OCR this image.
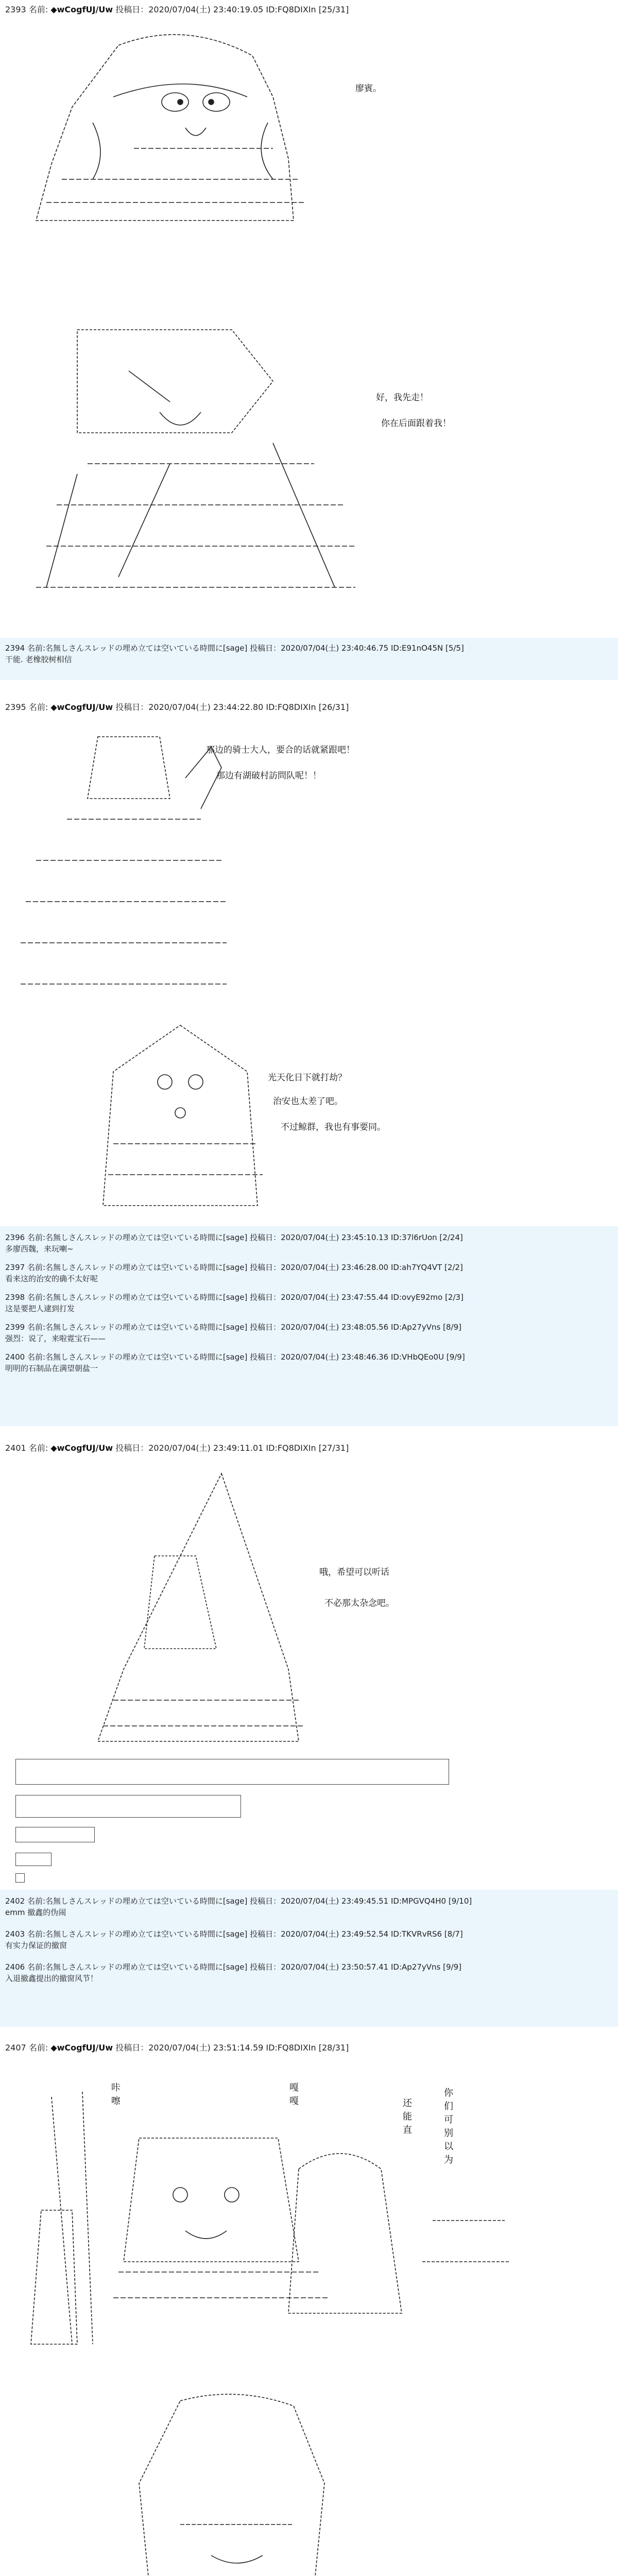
2393 名前: ◆wCogfUJ/Uw 投稿日：2020/07/04(土) 23:40:19.05 ID:FQ8DIXIn [25/31]
廖賓。
好，我先走！
你在后面跟着我！
2394 名前:名無しさんスレッドの埋め立ては空いている時間に[sage] 投稿日：2020/07/04(土) 23:40:46.75 ID:E91nO45N [5/5]
干能. 老橡胶树相信
2395 名前: ◆wCogfUJ/Uw 投稿日：2020/07/04(土) 23:44:22.80 ID:FQ8DIXIn [26/31]
那边的骑士大人，要合的话就紧跟吧！
那边有湖破村訪問队呢！！
光天化日下就打劫？
治安也太差了吧。
不过鲸群，我也有事要同。
2396 名前:名無しさんスレッドの埋め立ては空いている時間に[sage] 投稿日：2020/07/04(土) 23:45:10.13 ID:37l6rUon [2/24]
多廖西魏，来玩喇~
2397 名前:名無しさんスレッドの埋め立ては空いている時間に[sage] 投稿日：2020/07/04(土) 23:46:28.00 ID:ah7YQ4VT [2/2]
看来这的治安的确不太好呢
2398 名前:名無しさんスレッドの埋め立ては空いている時間に[sage] 投稿日：2020/07/04(土) 23:47:55.44 ID:ovyE92mo [2/3]
这是要把人逮到打发
2399 名前:名無しさんスレッドの埋め立ては空いている時間に[sage] 投稿日：2020/07/04(土) 23:48:05.56 ID:Ap27yVns [8/9]
强烈：说了，来啦霓宝石——
2400 名前:名無しさんスレッドの埋め立ては空いている時間に[sage] 投稿日：2020/07/04(土) 23:48:46.36 ID:VHbQEo0U [9/9]
明明的石制品在满望朝盐一
2401 名前: ◆wCogfUJ/Uw 投稿日：2020/07/04(土) 23:49:11.01 ID:FQ8DIXIn [27/31]
哦，希望可以听话
不必那太杂念吧。
2402 名前:名無しさんスレッドの埋め立ては空いている時間に[sage] 投稿日：2020/07/04(土) 23:49:45.51 ID:MPGVQ4H0 [9/10]
emm 撤鑫的伪闹
2403 名前:名無しさんスレッドの埋め立ては空いている時間に[sage] 投稿日：2020/07/04(土) 23:49:52.54 ID:TKVRvRS6 [8/7]
有实力保证的撤窗
2406 名前:名無しさんスレッドの埋め立ては空いている時間に[sage] 投稿日：2020/07/04(土) 23:50:57.41 ID:Ap27yVns [9/9]
入退撤鑫提出的撤窗风节！
2407 名前: ◆wCogfUJ/Uw 投稿日：2020/07/04(土) 23:51:14.59 ID:FQ8DIXIn [28/31]
咔嚓
嘎嘎	还能直
你们可别以为
